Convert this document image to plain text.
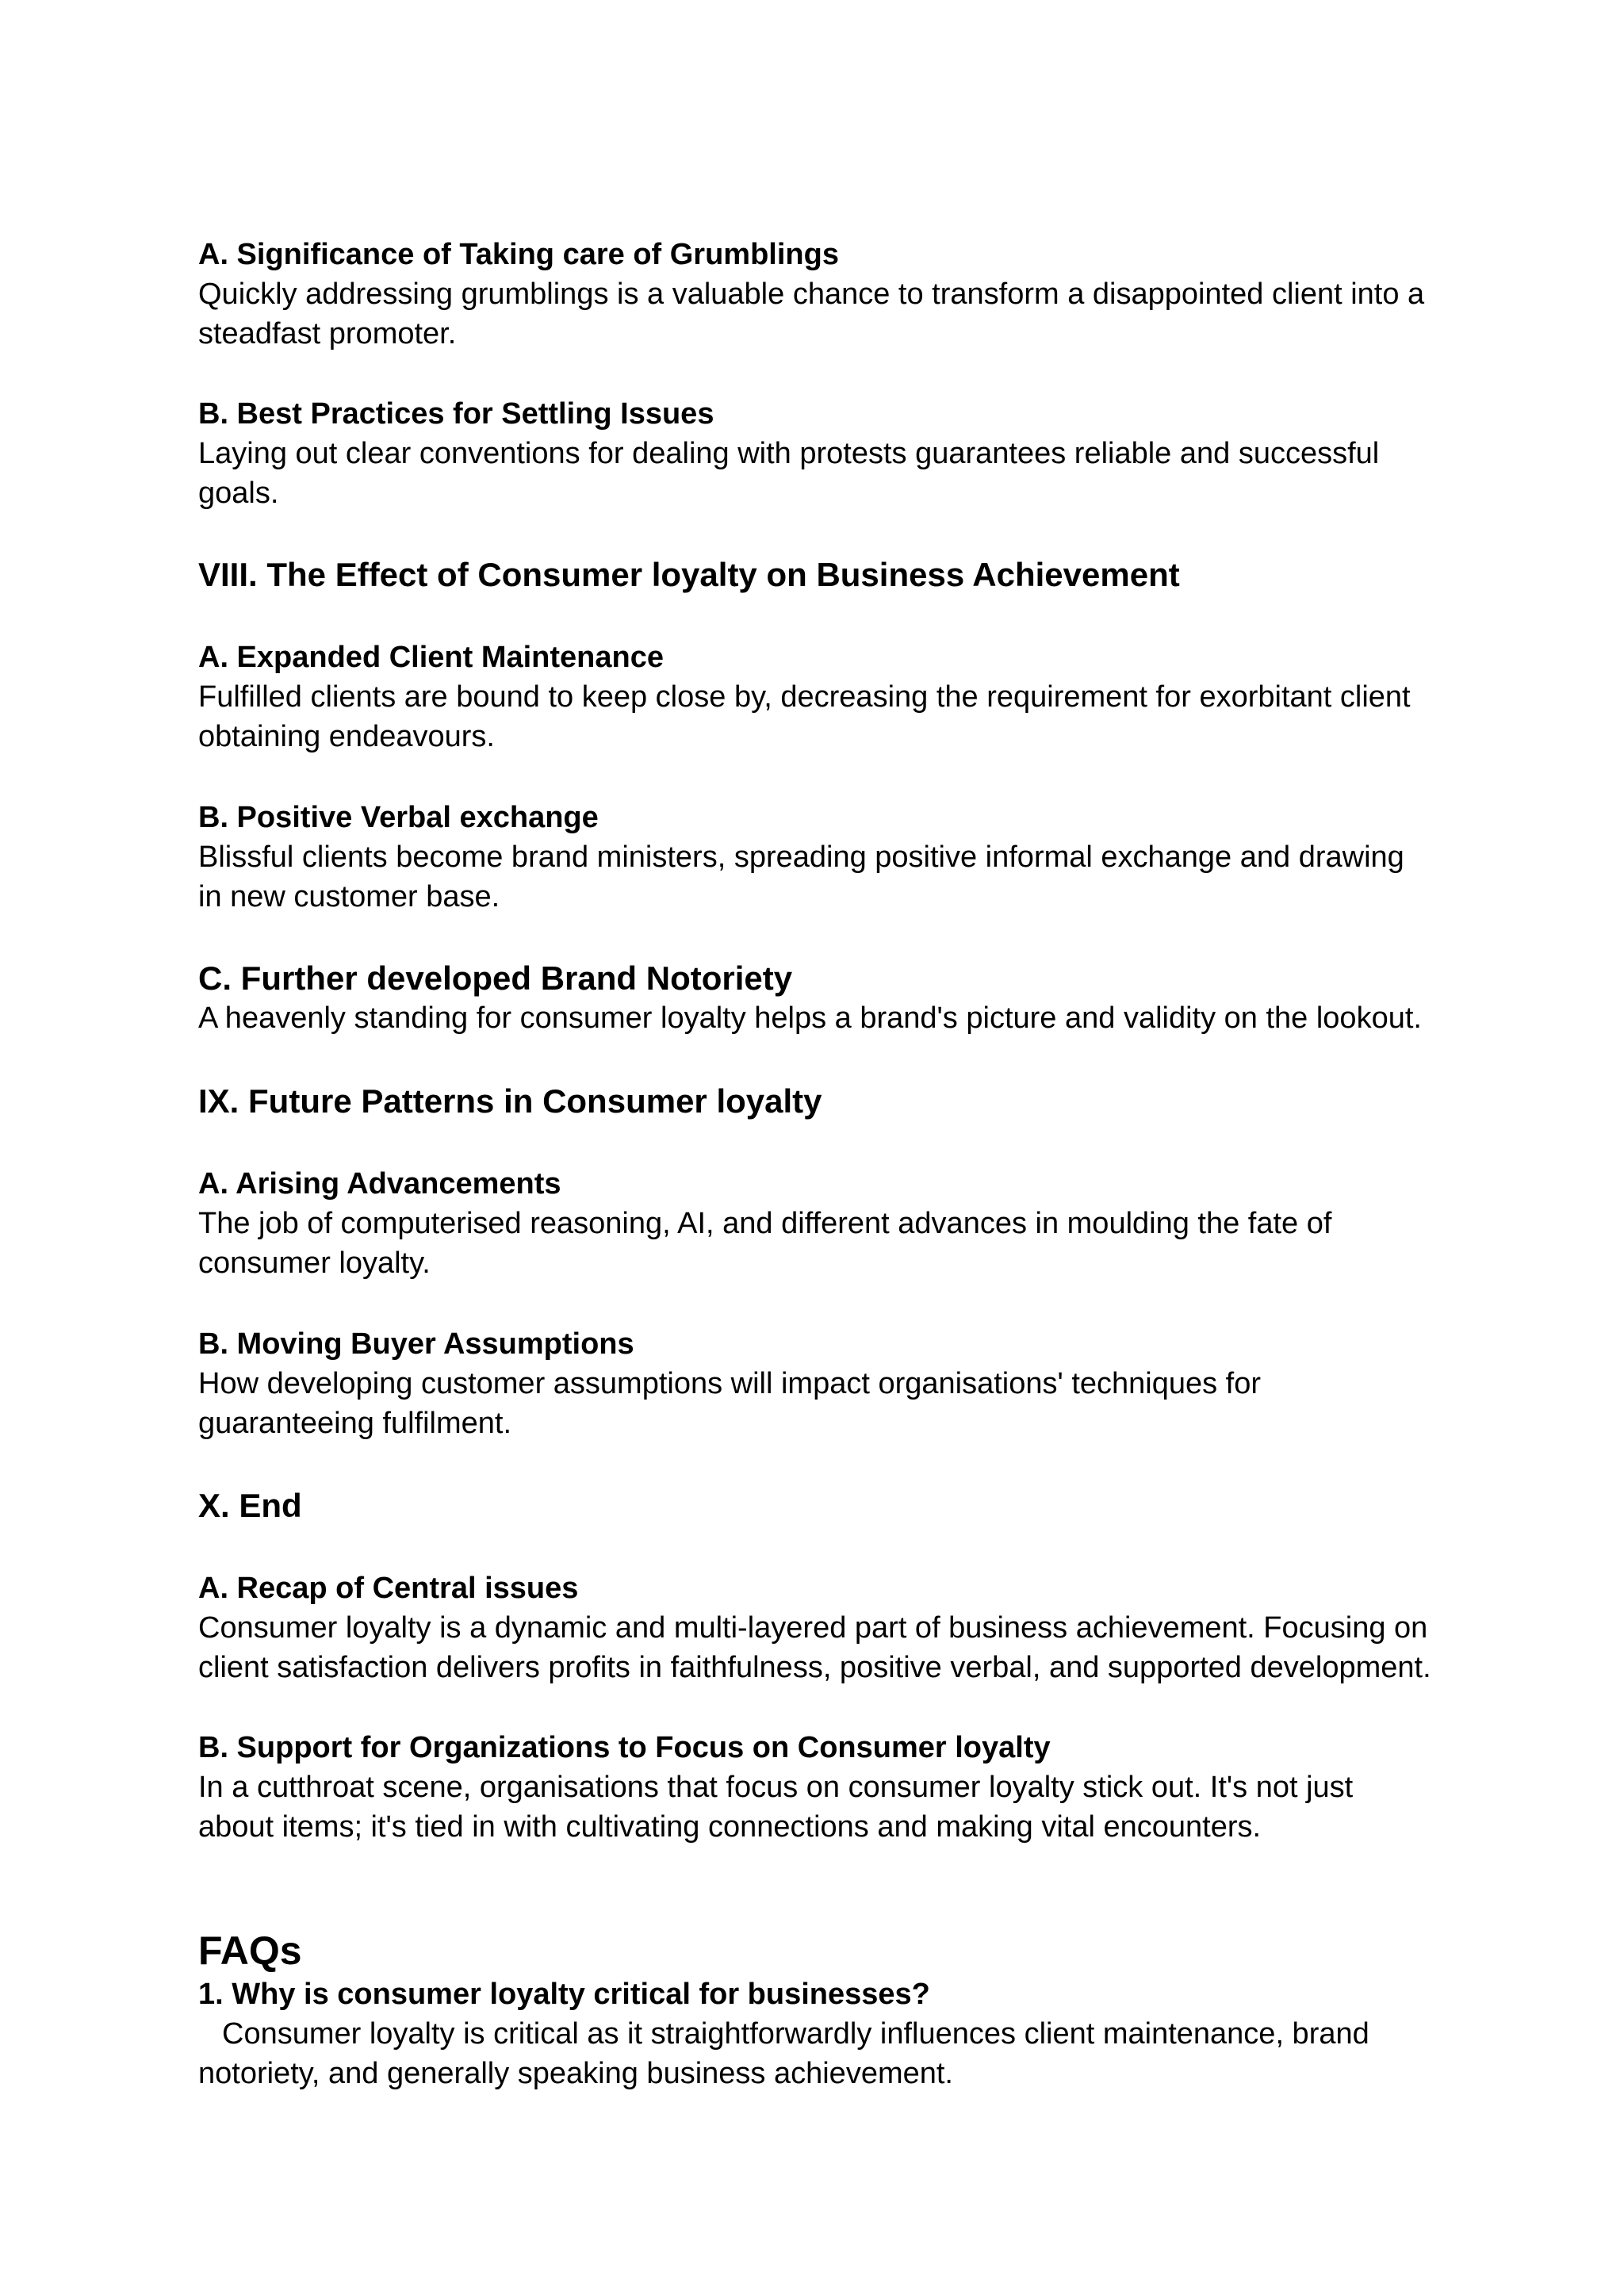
A. Significance of Taking care of Grumblings
Quickly addressing grumblings is a valuable chance to transform a disappointed client into a
steadfast promoter.
B. Best Practices for Settling Issues
Laying out clear conventions for dealing with protests guarantees reliable and successful
goals.
VIII. The Effect of Consumer loyalty on Business Achievement
A. Expanded Client Maintenance
Fulfilled clients are bound to keep close by, decreasing the requirement for exorbitant client
obtaining endeavours.
B. Positive Verbal exchange
Blissful clients become brand ministers, spreading positive informal exchange and drawing
in new customer base.
C. Further developed Brand Notoriety
A heavenly standing for consumer loyalty helps a brand's picture and validity on the lookout.
IX. Future Patterns in Consumer loyalty
A. Arising Advancements
The job of computerised reasoning, AI, and different advances in moulding the fate of
consumer loyalty.
B. Moving Buyer Assumptions
How developing customer assumptions will impact organisations' techniques for
guaranteeing fulfilment.
X. End
A. Recap of Central issues
Consumer loyalty is a dynamic and multi-layered part of business achievement. Focusing on
client satisfaction delivers profits in faithfulness, positive verbal, and supported development.
B. Support for Organizations to Focus on Consumer loyalty
In a cutthroat scene, organisations that focus on consumer loyalty stick out. It's not just
about items; it's tied in with cultivating connections and making vital encounters.
FAQs
1. Why is consumer loyalty critical for businesses?
Consumer loyalty is critical as it straightforwardly influences client maintenance, brand
notoriety, and generally speaking business achievement.
